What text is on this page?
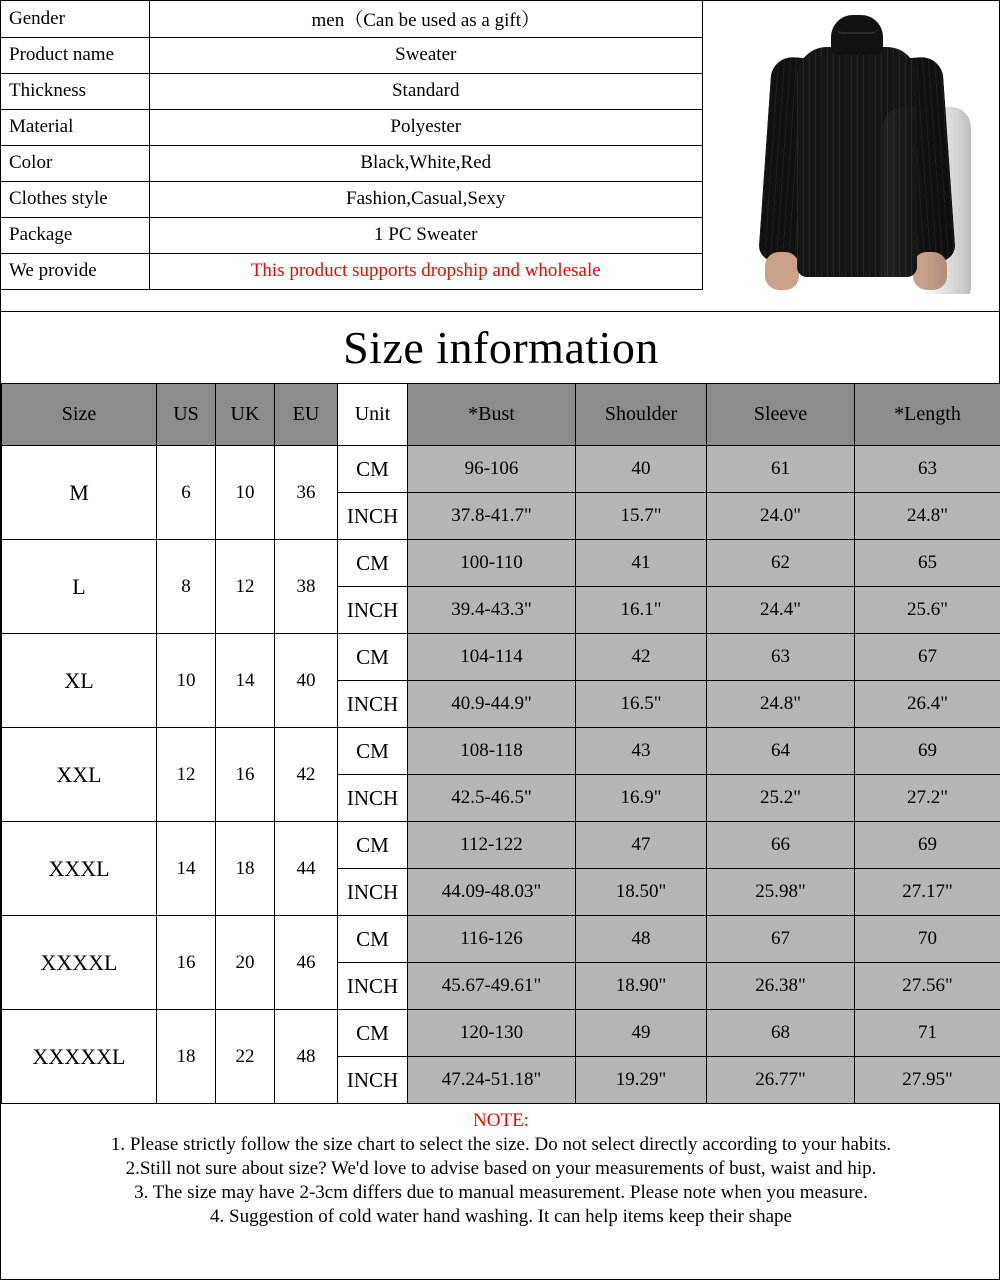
Gender	men（Can be used as a gift）
Product name	Sweater
Thickness	Standard
Material	Polyester
Color	Black,White,Red
Clothes style	Fashion,Casual,Sexy
Package	1 PC Sweater
We provide	This product supports dropship and wholesale
Size information
Size	US	UK	EU	Unit	*Bust	Shoulder	Sleeve	*Length
M	6	10	36	CM	96-106	40	61	63
				INCH	37.8-41.7"	15.7"	24.0"	24.8"
L	8	12	38	CM	100-110	41	62	65
				INCH	39.4-43.3"	16.1"	24.4"	25.6"
XL	10	14	40	CM	104-114	42	63	67
				INCH	40.9-44.9"	16.5"	24.8"	26.4"
XXL	12	16	42	CM	108-118	43	64	69
				INCH	42.5-46.5"	16.9"	25.2"	27.2"
XXXL	14	18	44	CM	112-122	47	66	69
				INCH	44.09-48.03"	18.50"	25.98"	27.17"
XXXXL	16	20	46	CM	116-126	48	67	70
				INCH	45.67-49.61"	18.90"	26.38"	27.56"
XXXXXL	18	22	48	CM	120-130	49	68	71
				INCH	47.24-51.18"	19.29"	26.77"	27.95"
NOTE:
1. Please strictly follow the size chart to select the size. Do not select directly according to your habits.
2.Still not sure about size? We'd love to advise based on your measurements of bust, waist and hip.
3. The size may have 2-3cm differs due to manual measurement. Please note when you measure.
4. Suggestion of cold water hand washing. It can help items keep their shape
